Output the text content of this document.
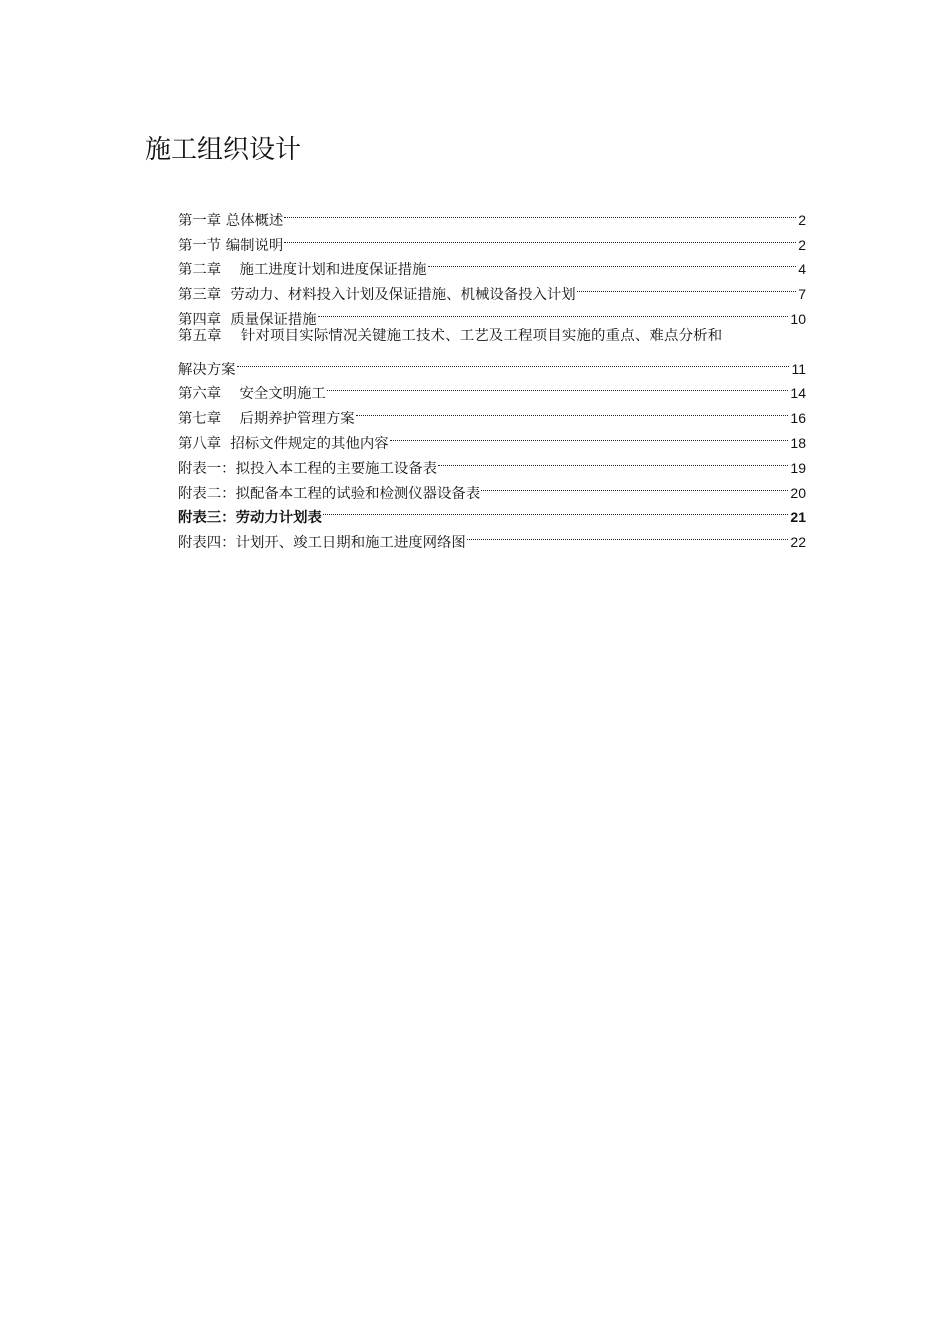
施工组织设计
第一章 总体概述	2
第一节 编制说明	2
第二章    施工进度计划和进度保证措施	4
第三章  劳动力、材料投入计划及保证措施、机械设备投入计划	7
第四章  质量保证措施	10
第五章    针对项目实际情况关键施工技术、工艺及工程项目实施的重点、难点分析和
解决方案	11
第六章    安全文明施工	14
第七章    后期养护管理方案	16
第八章  招标文件规定的其他内容	18
附表一：拟投入本工程的主要施工设备表	19
附表二：拟配备本工程的试验和检测仪器设备表	20
附表三：劳动力计划表	21
附表四：计划开、竣工日期和施工进度网络图	22
